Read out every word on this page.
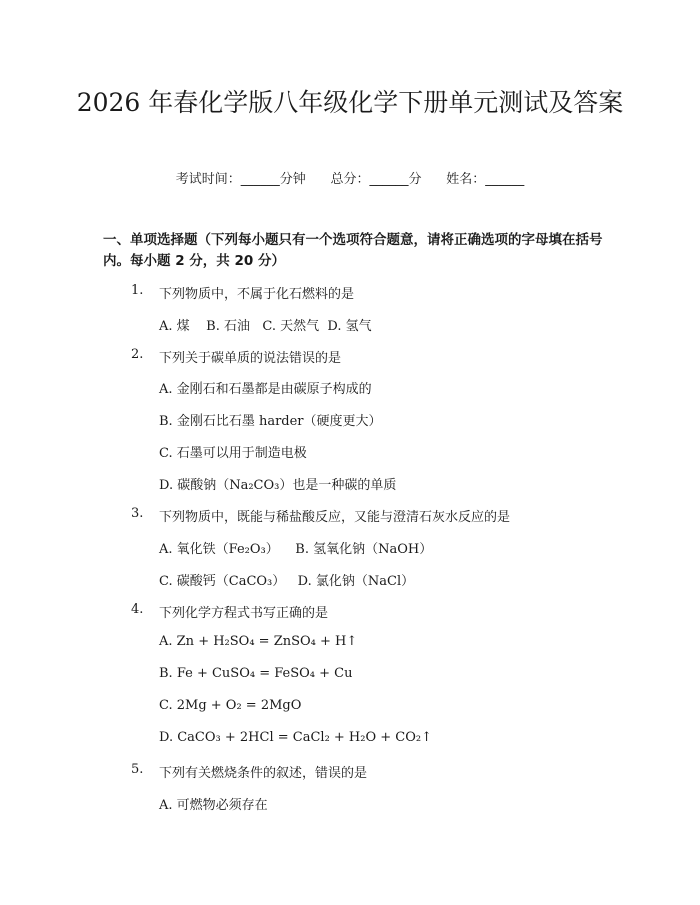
2026 年春化学版八年级化学下册单元测试及答案
考试时间：______分钟      总分：______分      姓名：______
一、单项选择题（下列每小题只有一个选项符合题意，请将正确选项的字母填在括号内。每小题 2 分，共 20 分）
1. 下列物质中，不属于化石燃料的是
A. 煤    B. 石油   C. 天然气  D. 氢气
2. 下列关于碳单质的说法错误的是
A. 金刚石和石墨都是由碳原子构成的
B. 金刚石比石墨 harder（硬度更大）
C. 石墨可以用于制造电极
D. 碳酸钠（Na₂CO₃）也是一种碳的单质
3. 下列物质中，既能与稀盐酸反应，又能与澄清石灰水反应的是
A. 氧化铁（Fe₂O₃）    B. 氢氧化钠（NaOH）
C. 碳酸钙（CaCO₃）   D. 氯化钠（NaCl）
4. 下列化学方程式书写正确的是
A. Zn + H₂SO₄ = ZnSO₄ + H↑
B. Fe + CuSO₄ = FeSO₄ + Cu
C. 2Mg + O₂ = 2MgO
D. CaCO₃ + 2HCl = CaCl₂ + H₂O + CO₂↑
5. 下列有关燃烧条件的叙述，错误的是
A. 可燃物必须存在
